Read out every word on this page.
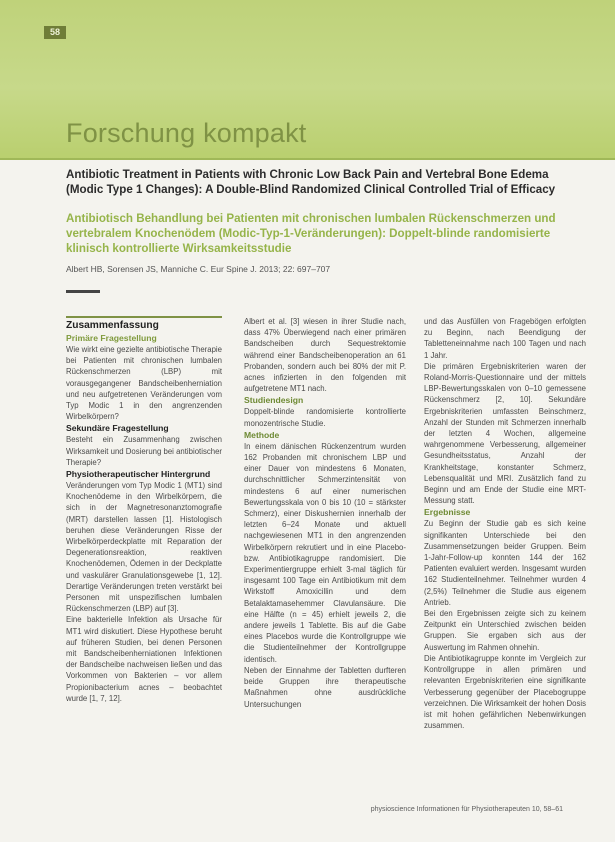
58
Forschung kompakt
Antibiotic Treatment in Patients with Chronic Low Back Pain and Vertebral Bone Edema (Modic Type 1 Changes): A Double-Blind Randomized Clinical Controlled Trial of Efficacy
Antibiotisch Behandlung bei Patienten mit chronischen lumbalen Rückenschmerzen und vertebralem Knochenödem (Modic-Typ-1-Veränderungen): Doppelt-blinde randomisierte klinisch kontrollierte Wirksamkeitsstudie
Albert HB, Sorensen JS, Manniche C. Eur Spine J. 2013; 22: 697–707

Zusammenfassung

Primäre Fragestellung

Wie wirkt eine gezielte antibiotische Therapie bei Patienten mit chronischen lumbalen Rückenschmerzen (LBP) mit vorausgegangener Bandscheibenherniation und neu aufgetretenen Veränderungen vom Typ Modic 1 in den angrenzenden Wirbelkörpern?

Sekundäre Fragestellung

Besteht ein Zusammenhang zwischen Wirksamkeit und Dosierung bei antibiotischer Therapie?

Physiotherapeutischer Hintergrund

Veränderungen vom Typ Modic 1 (MT1) sind Knochenödeme in den Wirbelkörpern, die sich in der Magnetresonanztomografie (MRT) darstellen lassen [1]. Histologisch beruhen diese Veränderungen Risse der Wirbelkörperdeckplatte mit Reparation der Degenerationsreaktion, reaktiven Knochenödemen, Ödemen in der Deckplatte und vaskulärer Granulationsgewebe [1, 12]. Derartige Veränderungen treten verstärkt bei Personen mit unspezifischen lumbalen Rückenschmerzen (LBP) auf [3].

Eine bakterielle Infektion als Ursache für MT1 wird diskutiert. Diese Hypothese beruht auf früheren Studien, bei denen Personen mit Bandscheibenherniationen Infektionen der Bandscheibe nachweisen ließen und das Vorkommen von Bakterien – vor allem Propionibacterium acnes – beobachtet wurde [1, 7, 12].

Albert et al. [3] wiesen in ihrer Studie nach, dass 47% Überwiegend nach einer primären Bandscheiben durch Sequestrektomie während einer Bandscheibenoperation an 61 Probanden, sondern auch bei 80% der mit P. acnes infizierten in den folgenden mit aufgetretene MT1 nach.

Studiendesign

Doppelt-blinde randomisierte kontrollierte monozentrische Studie.

Methode

In einem dänischen Rückenzentrum wurden 162 Probanden mit chronischem LBP und einer Dauer von mindestens 6 Monaten, durchschnittlicher Schmerzintensität von mindestens 6 auf einer numerischen Bewertungsskala von 0 bis 10 (10 = stärkster Schmerz), einer Diskushernien innerhalb der letzten 6–24 Monate und aktuell nachgewiesenen MT1 in den angrenzenden Wirbelkörpern rekrutiert und in eine Placebo- bzw. Antibiotikagruppe randomisiert. Die Experimentiergruppe erhielt 3-mal täglich für insgesamt 100 Tage ein Antibiotikum mit dem Wirkstoff Amoxicillin und dem Betalaktamasehemmer Clavulansäure. Die eine Hälfte (n = 45) erhielt jeweils 2, die andere jeweils 1 Tablette. Bis auf die Gabe eines Placebos wurde die Kontrollgruppe wie die Studienteilnehmer der Kontrollgruppe identisch.

Neben der Einnahme der Tabletten durfteren beide Gruppen ihre therapeutische Maßnahmen ohne ausdrückliche Untersuchungen

und das Ausfüllen von Fragebögen erfolgten zu Beginn, nach Beendigung der Tabletteneinnahme nach 100 Tagen und nach 1 Jahr.

Die primären Ergebniskriterien waren der Roland-Morris-Questionnaire und der mittels LBP-Bewertungsskalen von 0–10 gemessene Rückenschmerz [2, 10]. Sekundäre Ergebniskriterien umfassten Beinschmerz, Anzahl der Stunden mit Schmerzen innerhalb der letzten 4 Wochen, allgemeine wahrgenommene Verbesserung, allgemeiner Gesundheitsstatus, Anzahl der Krankheitstage, konstanter Schmerz, Lebensqualität und MRI. Zusätzlich fand zu Beginn und am Ende der Studie eine MRT-Messung statt.

Ergebnisse

Zu Beginn der Studie gab es sich keine signifikanten Unterschiede bei den Zusammensetzungen beider Gruppen. Beim 1-Jahr-Follow-up konnten 144 der 162 Patienten evaluiert werden. Insgesamt wurden 162 Studienteilnehmer. Teilnehmer wurden 4 (2,5%) Teilnehmer die Studie aus eigenem Antrieb.

Bei den Ergebnissen zeigte sich zu keinem Zeitpunkt ein Unterschied zwischen beiden Gruppen. Sie ergaben sich aus der Auswertung im Rahmen ohnehin.

Die Antibiotikagruppe konnte im Vergleich zur Kontrollgruppe in allen primären und relevanten Ergebniskriterien eine signifikante Verbesserung gegenüber der Placebogruppe verzeichnen. Die Wirksamkeit der hohen Dosis ist mit hohen gefährlichen Nebenwirkungen zusammen.

physioscience Informationen für Physiotherapeuten 10, 58–61
